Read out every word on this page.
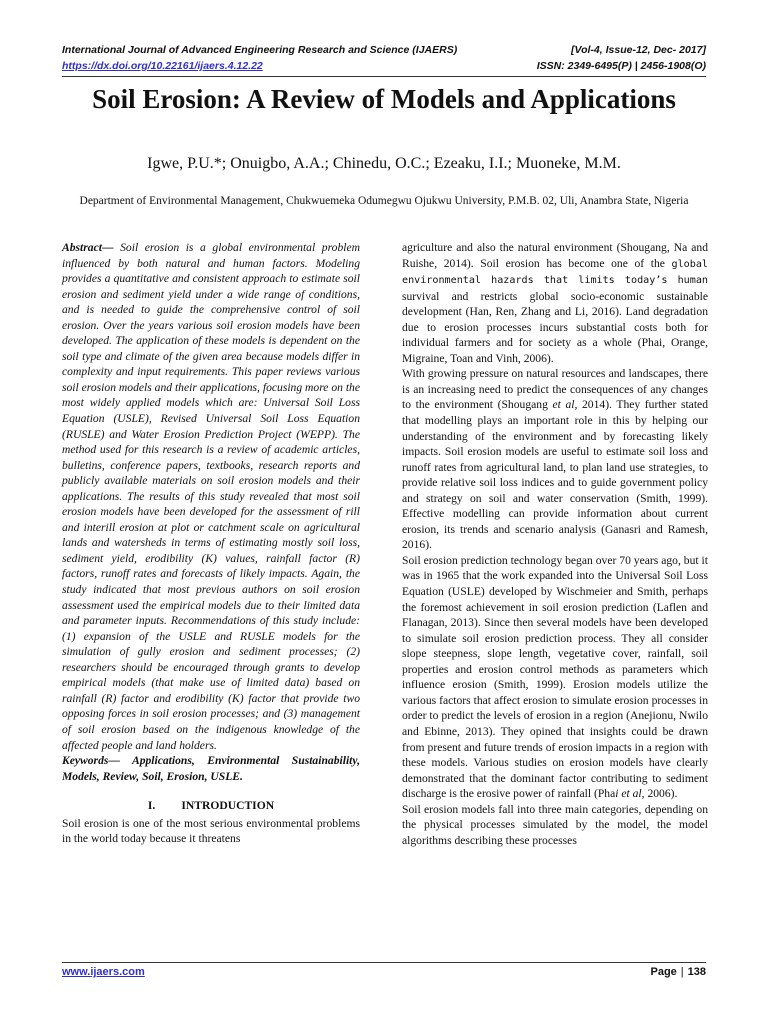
International Journal of Advanced Engineering Research and Science (IJAERS)	[Vol-4, Issue-12, Dec- 2017]
https://dx.doi.org/10.22161/ijaers.4.12.22	ISSN: 2349-6495(P) | 2456-1908(O)
Soil Erosion: A Review of Models and Applications
Igwe, P.U.*; Onuigbo, A.A.; Chinedu, O.C.; Ezeaku, I.I.; Muoneke, M.M.
Department of Environmental Management, Chukwuemeka Odumegwu Ojukwu University, P.M.B. 02, Uli, Anambra State, Nigeria

Abstract— Soil erosion is a global environmental problem influenced by both natural and human factors. Modeling provides a quantitative and consistent approach to estimate soil erosion and sediment yield under a wide range of conditions, and is needed to guide the comprehensive control of soil erosion. Over the years various soil erosion models have been developed. The application of these models is dependent on the soil type and climate of the given area because models differ in complexity and input requirements. This paper reviews various soil erosion models and their applications, focusing more on the most widely applied models which are: Universal Soil Loss Equation (USLE), Revised Universal Soil Loss Equation (RUSLE) and Water Erosion Prediction Project (WEPP). The method used for this research is a review of academic articles, bulletins, conference papers, textbooks, research reports and publicly available materials on soil erosion models and their applications. The results of this study revealed that most soil erosion models have been developed for the assessment of rill and interill erosion at plot or catchment scale on agricultural lands and watersheds in terms of estimating mostly soil loss, sediment yield, erodibility (K) values, rainfall factor (R) factors, runoff rates and forecasts of likely impacts. Again, the study indicated that most previous authors on soil erosion assessment used the empirical models due to their limited data and parameter inputs. Recommendations of this study include: (1) expansion of the USLE and RUSLE models for the simulation of gully erosion and sediment processes; (2) researchers should be encouraged through grants to develop empirical models (that make use of limited data) based on rainfall (R) factor and erodibility (K) factor that provide two opposing forces in soil erosion processes; and (3) management of soil erosion based on the indigenous knowledge of the affected people and land holders.

Keywords— Applications, Environmental Sustainability, Models, Review, Soil, Erosion, USLE.

I. INTRODUCTION

Soil erosion is one of the most serious environmental problems in the world today because it threatens

agriculture and also the natural environment (Shougang, Na and Ruishe, 2014). Soil erosion has become one of the global environmental hazards that limits today’s human survival and restricts global socio-economic sustainable development (Han, Ren, Zhang and Li, 2016). Land degradation due to erosion processes incurs substantial costs both for individual farmers and for society as a whole (Phai, Orange, Migraine, Toan and Vinh, 2006).

With growing pressure on natural resources and landscapes, there is an increasing need to predict the consequences of any changes to the environment (Shougang et al, 2014). They further stated that modelling plays an important role in this by helping our understanding of the environment and by forecasting likely impacts. Soil erosion models are useful to estimate soil loss and runoff rates from agricultural land, to plan land use strategies, to provide relative soil loss indices and to guide government policy and strategy on soil and water conservation (Smith, 1999). Effective modelling can provide information about current erosion, its trends and scenario analysis (Ganasri and Ramesh, 2016).

Soil erosion prediction technology began over 70 years ago, but it was in 1965 that the work expanded into the Universal Soil Loss Equation (USLE) developed by Wischmeier and Smith, perhaps the foremost achievement in soil erosion prediction (Laflen and Flanagan, 2013). Since then several models have been developed to simulate soil erosion prediction process. They all consider slope steepness, slope length, vegetative cover, rainfall, soil properties and erosion control methods as parameters which influence erosion (Smith, 1999). Erosion models utilize the various factors that affect erosion to simulate erosion processes in order to predict the levels of erosion in a region (Anejionu, Nwilo and Ebinne, 2013). They opined that insights could be drawn from present and future trends of erosion impacts in a region with these models. Various studies on erosion models have clearly demonstrated that the dominant factor contributing to sediment discharge is the erosive power of rainfall (Phai et al, 2006).

Soil erosion models fall into three main categories, depending on the physical processes simulated by the model, the model algorithms describing these processes

www.ijaers.com	Page | 138
